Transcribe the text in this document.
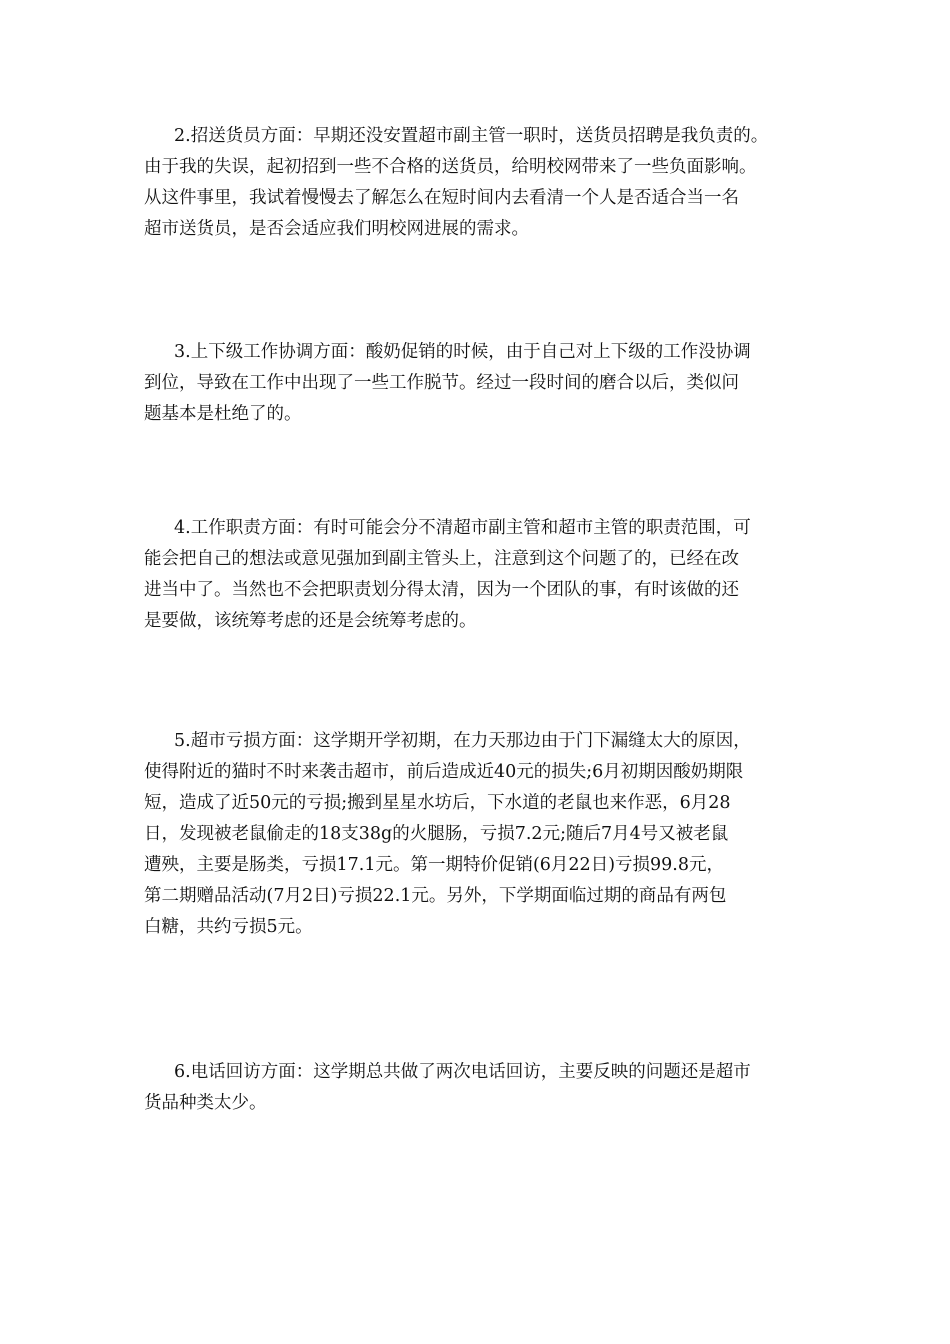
2.招送货员方面：早期还没安置超市副主管一职时，送货员招聘是我负责的。
由于我的失误，起初招到一些不合格的送货员，给明校网带来了一些负面影响。
从这件事里，我试着慢慢去了解怎么在短时间内去看清一个人是否适合当一名
超市送货员，是否会适应我们明校网进展的需求。
3.上下级工作协调方面：酸奶促销的时候，由于自己对上下级的工作没协调
到位，导致在工作中出现了一些工作脱节。经过一段时间的磨合以后，类似问
题基本是杜绝了的。
4.工作职责方面：有时可能会分不清超市副主管和超市主管的职责范围，可
能会把自己的想法或意见强加到副主管头上，注意到这个问题了的，已经在改
进当中了。当然也不会把职责划分得太清，因为一个团队的事，有时该做的还
是要做，该统筹考虑的还是会统筹考虑的。
5.超市亏损方面：这学期开学初期，在力天那边由于门下漏缝太大的原因，
使得附近的猫时不时来袭击超市，前后造成近40元的损失;6月初期因酸奶期限
短，造成了近50元的亏损;搬到星星水坊后，下水道的老鼠也来作恶，6月28
日，发现被老鼠偷走的18支38g的火腿肠，亏损7.2元;随后7月4号又被老鼠
遭殃，主要是肠类，亏损17.1元。第一期特价促销(6月22日)亏损99.8元，
第二期赠品活动(7月2日)亏损22.1元。另外，下学期面临过期的商品有两包
白糖，共约亏损5元。
6.电话回访方面：这学期总共做了两次电话回访，主要反映的问题还是超市
货品种类太少。
